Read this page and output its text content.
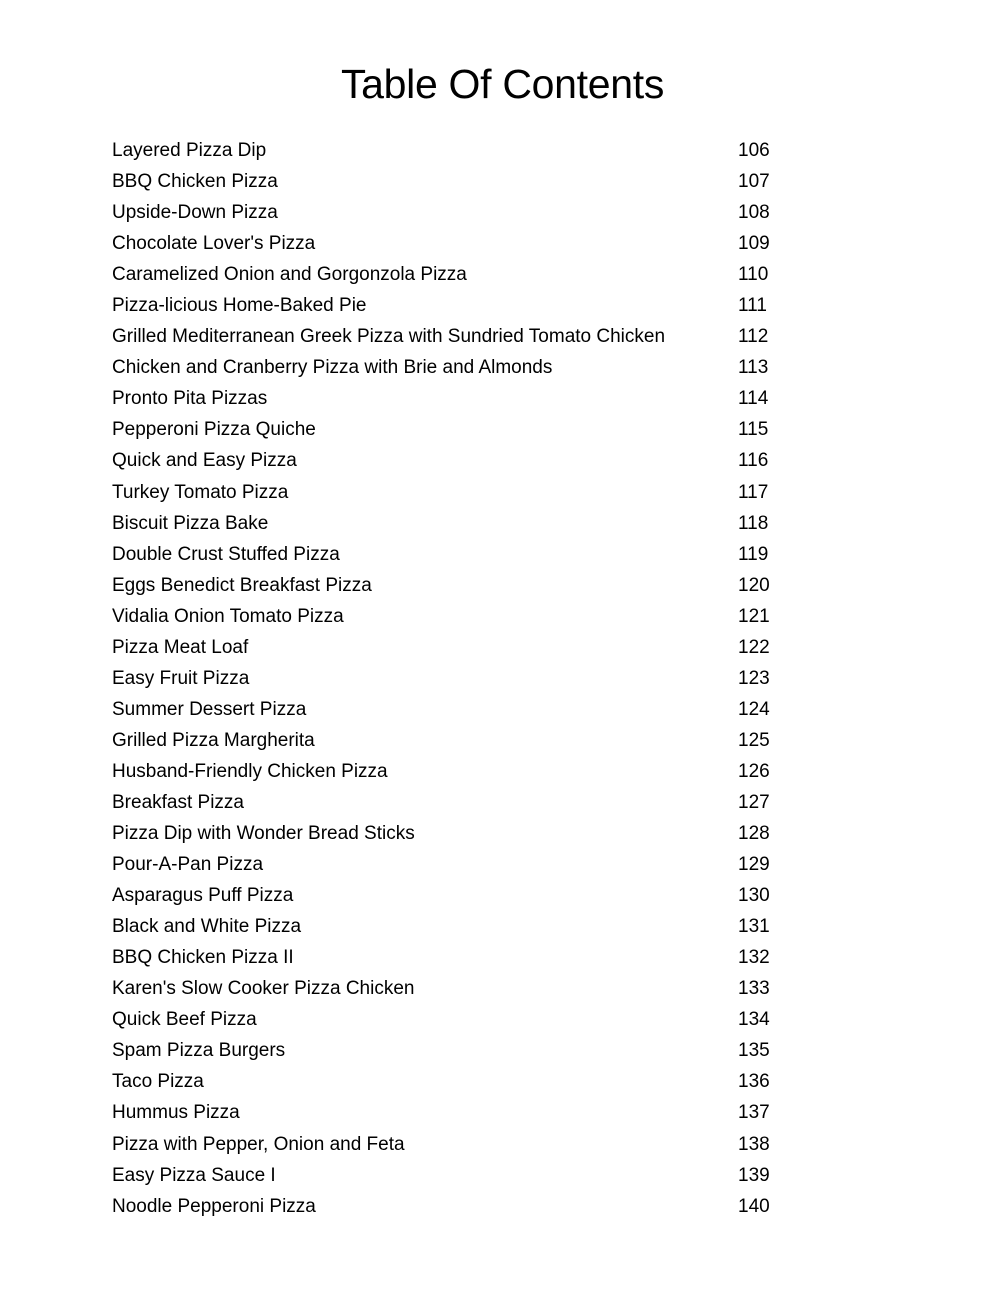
Table Of Contents
Layered Pizza Dip	106
BBQ Chicken Pizza	107
Upside-Down Pizza	108
Chocolate Lover's Pizza	109
Caramelized Onion and Gorgonzola Pizza	110
Pizza-licious Home-Baked Pie	111
Grilled Mediterranean Greek Pizza with Sundried Tomato Chicken	112
Chicken and Cranberry Pizza with Brie and Almonds	113
Pronto Pita Pizzas	114
Pepperoni Pizza Quiche	115
Quick and Easy Pizza	116
Turkey Tomato Pizza	117
Biscuit Pizza Bake	118
Double Crust Stuffed Pizza	119
Eggs Benedict Breakfast Pizza	120
Vidalia Onion Tomato Pizza	121
Pizza Meat Loaf	122
Easy Fruit Pizza	123
Summer Dessert Pizza	124
Grilled Pizza Margherita	125
Husband-Friendly Chicken Pizza	126
Breakfast Pizza	127
Pizza Dip with Wonder Bread Sticks	128
Pour-A-Pan Pizza	129
Asparagus Puff Pizza	130
Black and White Pizza	131
BBQ Chicken Pizza II	132
Karen's Slow Cooker Pizza Chicken	133
Quick Beef Pizza	134
Spam Pizza Burgers	135
Taco Pizza	136
Hummus Pizza	137
Pizza with Pepper, Onion and Feta	138
Easy Pizza Sauce I	139
Noodle Pepperoni Pizza	140
